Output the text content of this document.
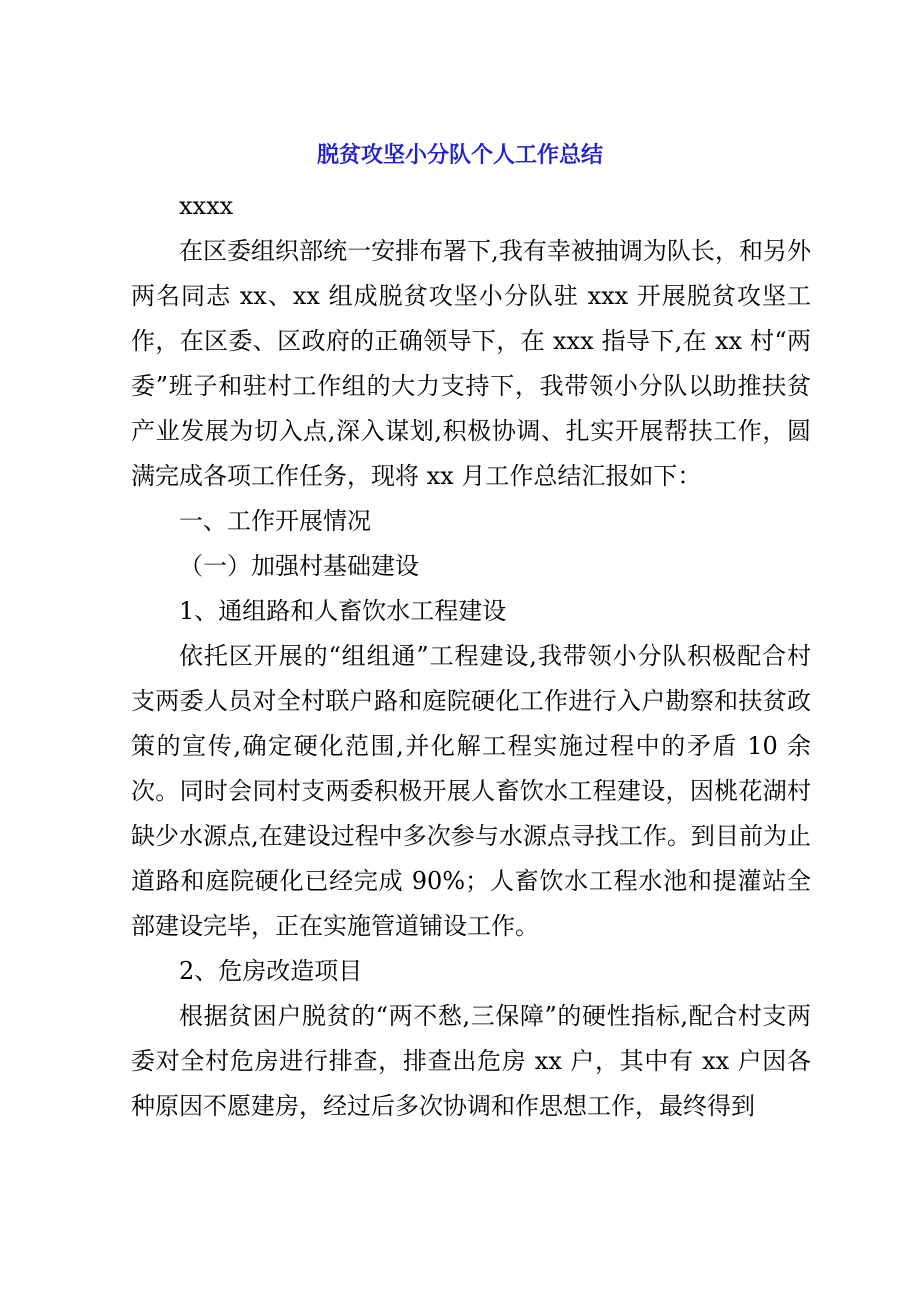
脱贫攻坚小分队个人工作总结

xxxx

在区委组织部统一安排布署下,我有幸被抽调为队长，和另外两名同志 xx、xx 组成脱贫攻坚小分队驻 xxx 开展脱贫攻坚工作，在区委、区政府的正确领导下，在 xxx 指导下,在 xx 村“两委”班子和驻村工作组的大力支持下，我带领小分队以助推扶贫产业发展为切入点,深入谋划,积极协调、扎实开展帮扶工作，圆满完成各项工作任务，现将 xx 月工作总结汇报如下：

一、工作开展情况

（一）加强村基础建设

1、通组路和人畜饮水工程建设

依托区开展的“组组通”工程建设,我带领小分队积极配合村支两委人员对全村联户路和庭院硬化工作进行入户勘察和扶贫政策的宣传,确定硬化范围,并化解工程实施过程中的矛盾 10 余次。同时会同村支两委积极开展人畜饮水工程建设，因桃花湖村缺少水源点,在建设过程中多次参与水源点寻找工作。到目前为止道路和庭院硬化已经完成 90%；人畜饮水工程水池和提灌站全部建设完毕，正在实施管道铺设工作。

2、危房改造项目

根据贫困户脱贫的“两不愁,三保障”的硬性指标,配合村支两委对全村危房进行排查，排查出危房 xx 户，其中有 xx 户因各种原因不愿建房，经过后多次协调和作思想工作，最终得到
